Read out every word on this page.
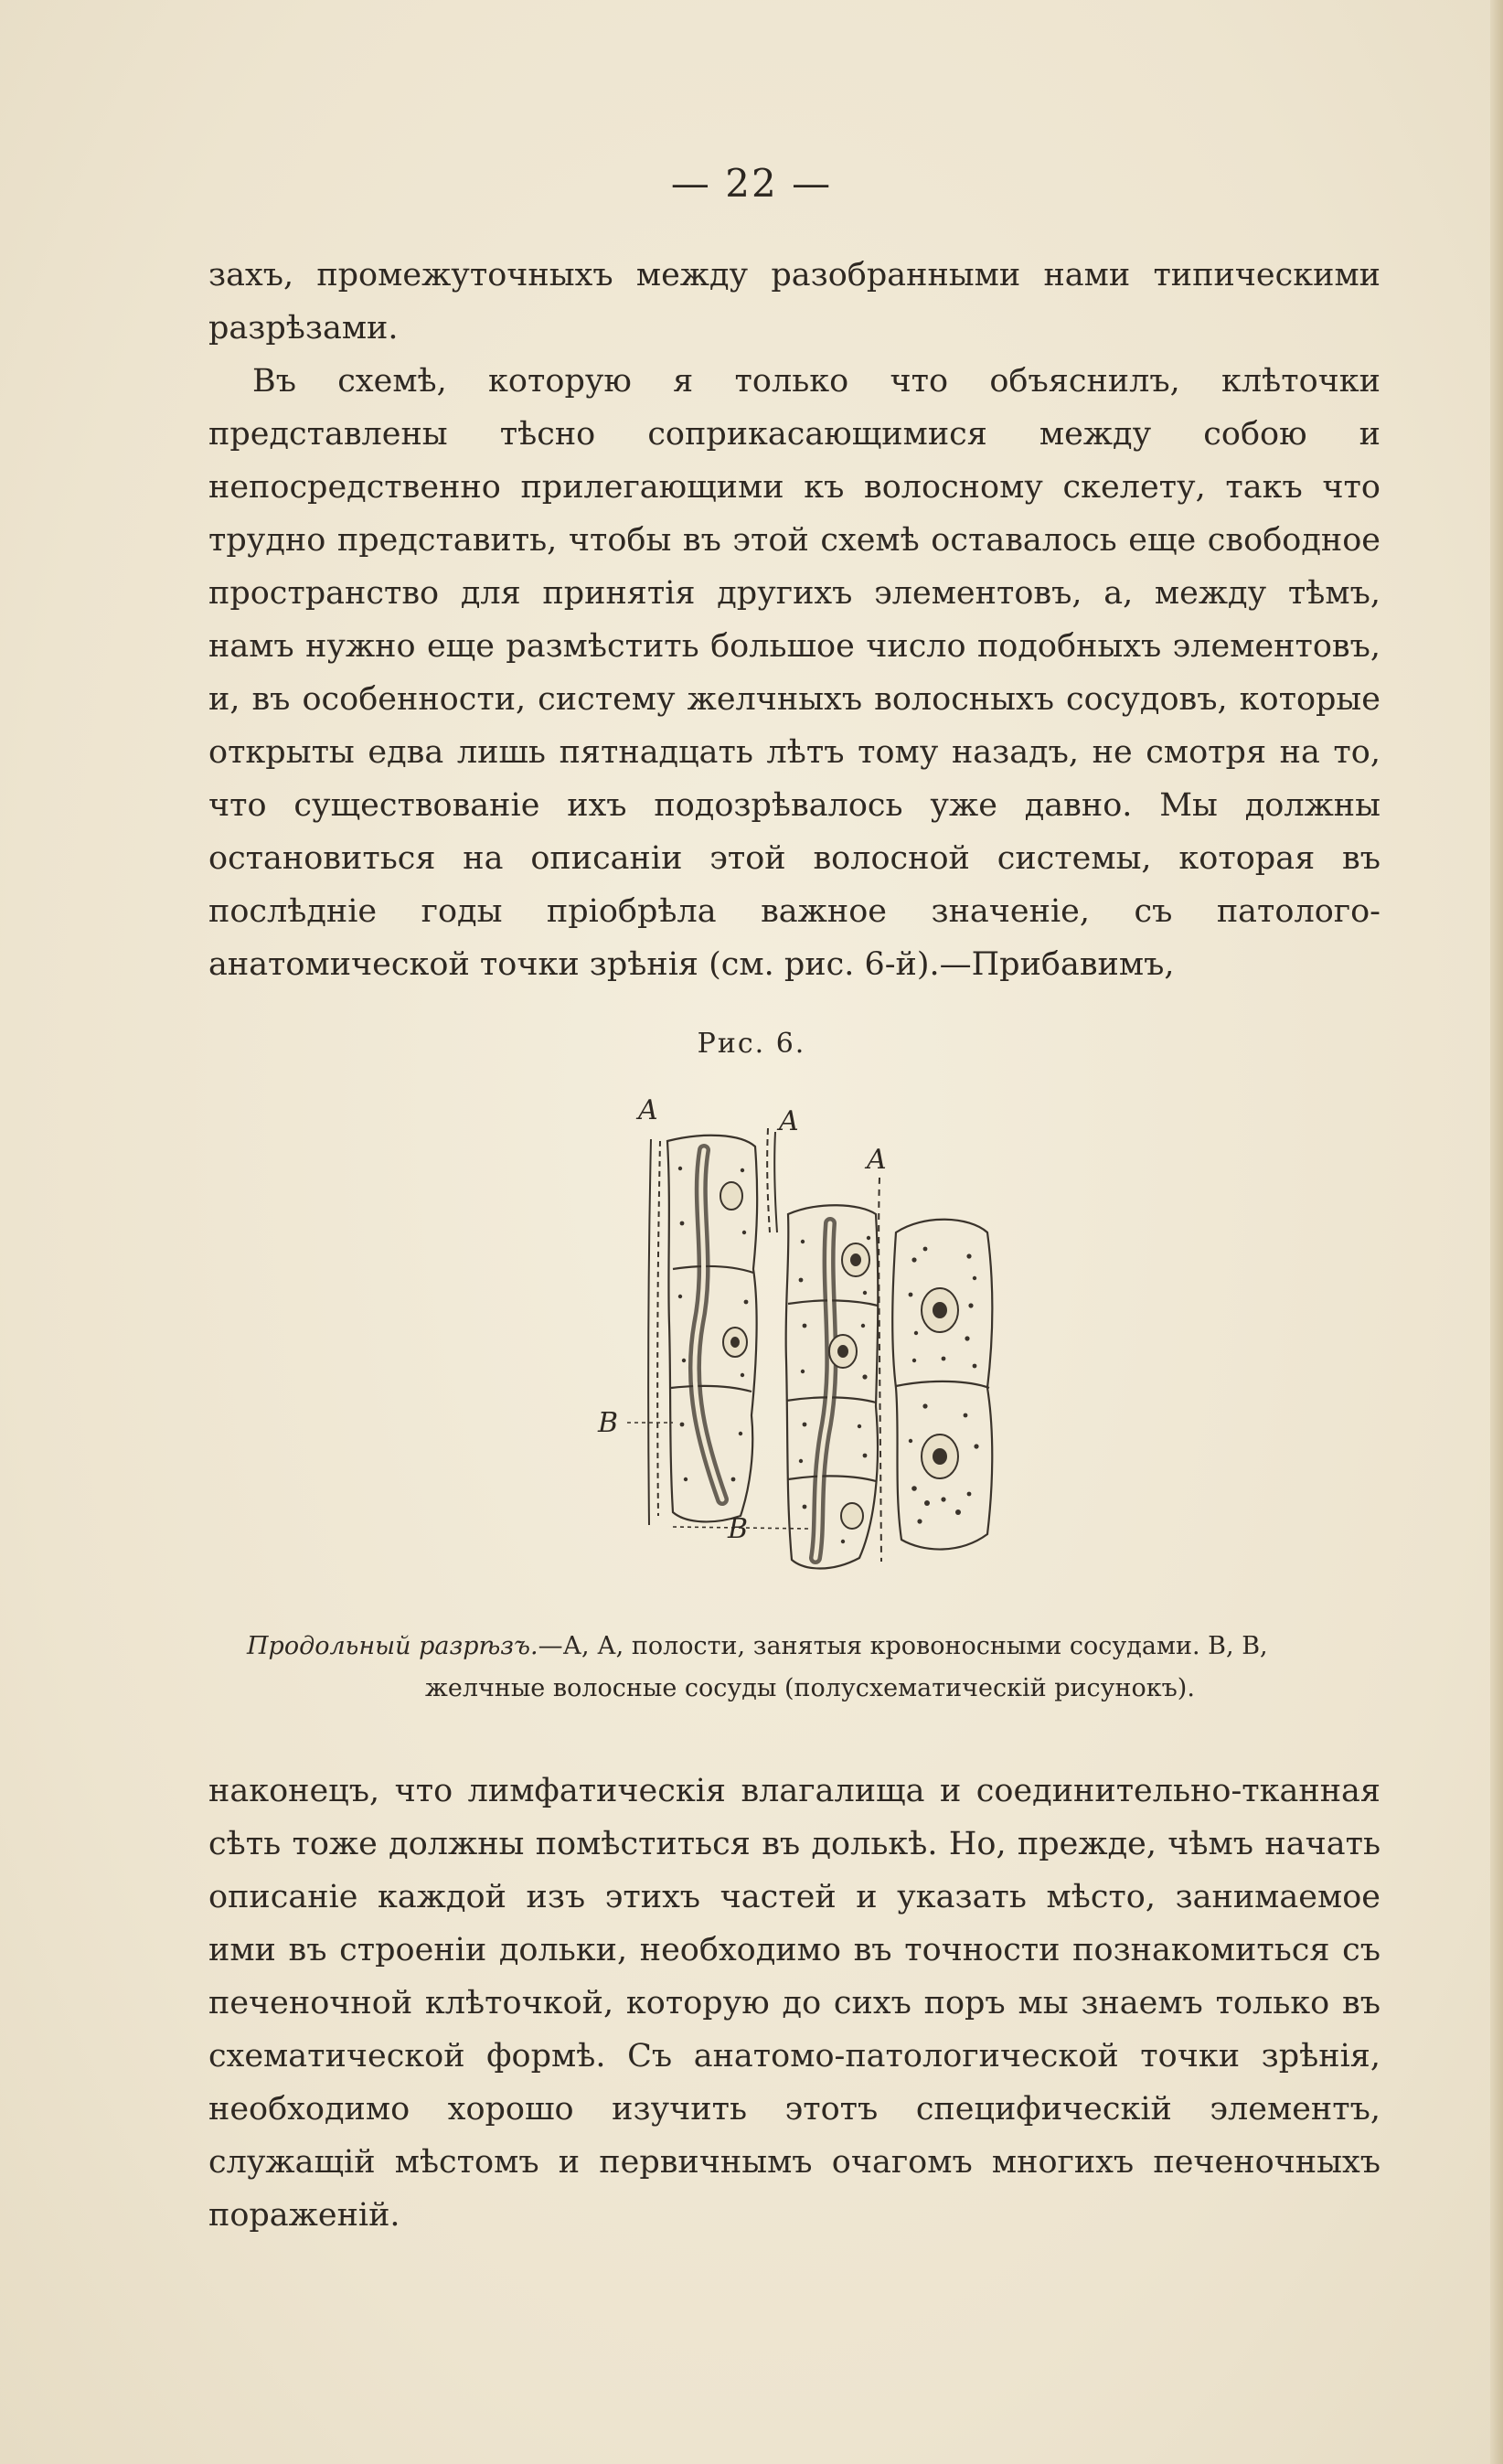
— 22 —

захъ, промежуточныхъ между разобранными нами типическими разрѣзами.

Въ схемѣ, которую я только что объяснилъ, клѣточки представлены тѣсно соприкасающимися между собою и непосредственно прилегающими къ волосному скелету, такъ что трудно представить, чтобы въ этой схемѣ оставалось еще свободное пространство для принятія другихъ элементовъ, а, между тѣмъ, намъ нужно еще размѣстить большое число подобныхъ элементовъ, и, въ особенности, систему желчныхъ волосныхъ сосудовъ, которые открыты едва лишь пятнадцать лѣтъ тому назадъ, не смотря на то, что существованіе ихъ подозрѣвалось уже давно. Мы должны остановиться на описаніи этой волосной системы, которая въ послѣдніе годы пріобрѣла важное значеніе, съ патолого-анатомической точки зрѣнія (см. рис. 6-й).—Прибавимъ,

Рис. 6.
A	A
A
B
B

Продольный разрѣзъ.—А, А, полости, занятыя кровоносными сосудами. В, В,

желчные волосные сосуды (полусхематическій рисунокъ).

наконецъ, что лимфатическія влагалища и соединительно-тканная сѣть тоже должны помѣститься въ долькѣ. Но, прежде, чѣмъ начать описаніе каждой изъ этихъ частей и указать мѣсто, занимаемое ими въ строеніи дольки, необходимо въ точности познакомиться съ печеночной клѣточкой, которую до сихъ поръ мы знаемъ только въ схематической формѣ. Съ анатомо-патологической точки зрѣнія, необходимо хорошо изучить этотъ специфическій элементъ, служащій мѣстомъ и первичнымъ очагомъ многихъ печеночныхъ пораженій.
